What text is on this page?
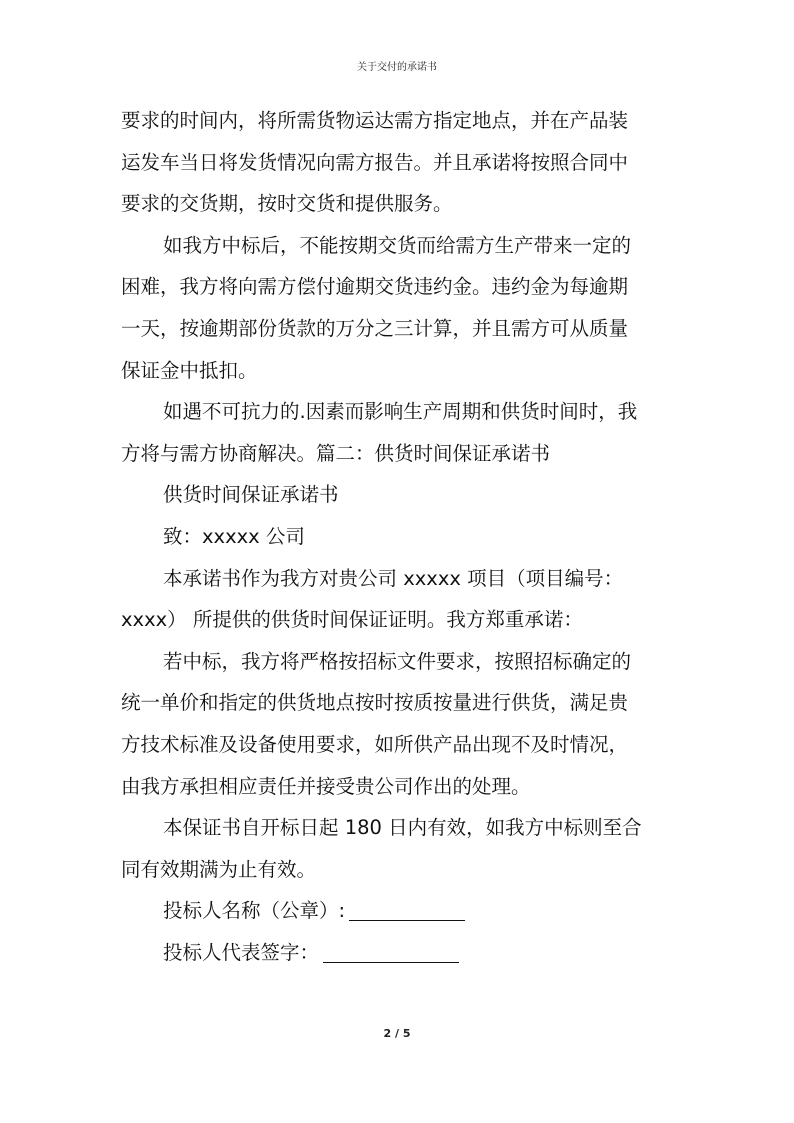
关于交付的承诺书
要求的时间内，将所需货物运达需方指定地点，并在产品装
运发车当日将发货情况向需方报告。并且承诺将按照合同中
要求的交货期，按时交货和提供服务。
如我方中标后，不能按期交货而给需方生产带来一定的
困难，我方将向需方偿付逾期交货违约金。违约金为每逾期
一天，按逾期部份货款的万分之三计算，并且需方可从质量
保证金中抵扣。
如遇不可抗力的.因素而影响生产周期和供货时间时，我
方将与需方协商解决。篇二：供货时间保证承诺书
供货时间保证承诺书
致：xxxxx 公司
本承诺书作为我方对贵公司 xxxxx 项目（项目编号：
xxxx） 所提供的供货时间保证证明。我方郑重承诺：
若中标，我方将严格按招标文件要求，按照招标确定的
统一单价和指定的供货地点按时按质按量进行供货，满足贵
方技术标准及设备使用要求，如所供产品出现不及时情况，
由我方承担相应责任并接受贵公司作出的处理。
本保证书自开标日起 180 日内有效，如我方中标则至合
同有效期满为止有效。
投标人名称（公章）:
投标人代表签字：
2 / 5
